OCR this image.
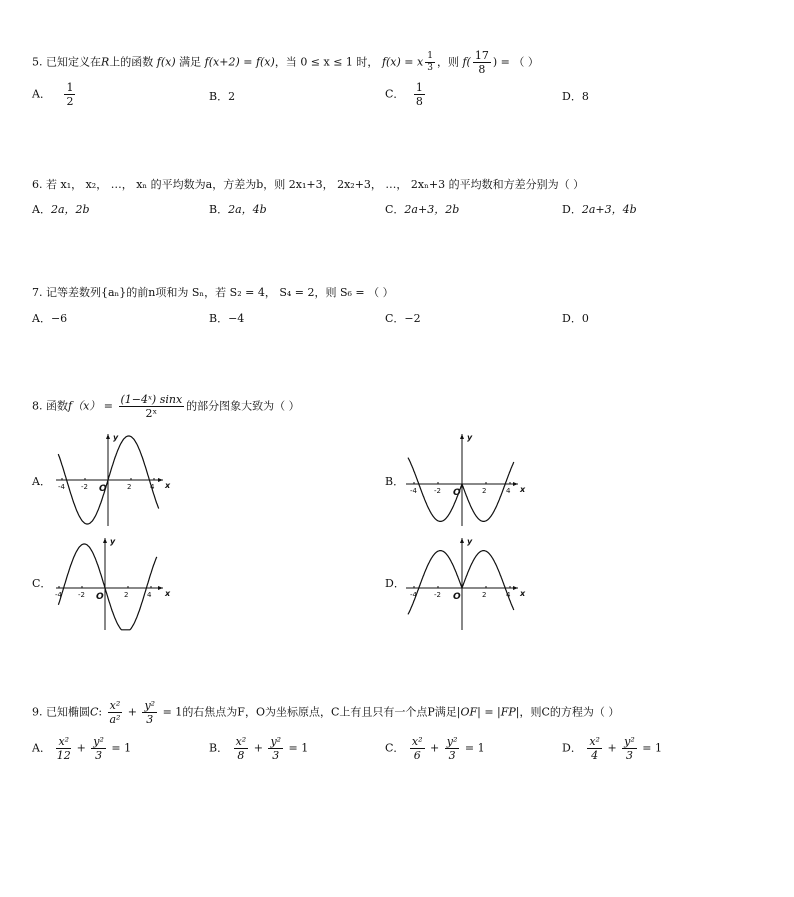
5. 已知定义在R上的函数 f(x) 满足 f(x+2) = f(x)，当 0 ≤ x ≤ 1 时， f(x) = x $\frac{1}{3}$ ，则 $f( \frac{17}{8}$ ) = （ ）
A． $\frac{1}{2}$	B．2	C． $\frac{1}{8}$	D．8
6. 若 x₁， x₂， …， xₙ 的平均数为a，方差为b，则 2x₁+3， 2x₂+3， …， 2xₙ+3 的平均数和方差分别为（ ）
A．2a，2b	B．2a，4b	C．2a+3，2b	D．2a+3，4b
7. 记等差数列{aₙ}的前n项和为 Sₙ，若 S₂ = 4， S₄ = 2，则 S₆ = （ ）
A．−6	B．−4	C．−2	D．0
8. 函数$f(x) = \frac{\text{(1−4ˣ) sinx}}{\text{2ˣ}}$ 的部分图象大致为（ ）
A．	B．
C．	D．
x
y
O
-4 -2	2	4	x
y
O
-4 -2	2	4
x
y
O
-4 -2	2	4	x
y
O
-4 -2	2	4
9. 已知椭圆C: $\frac{\text{x²}}{\text{a²}} + \frac{\text{y²}}{3} = 1$的右焦点为F，O为坐标原点，C上有且只有一个点P满足|OF| = |FP|，则C的方程为（ ）
A． $\frac{\text{x²}}{12} + \frac{\text{y²}}{3} = 1$	B． $\frac{\text{x²}}{8} + \frac{\text{y²}}{3} = 1$	C． $\frac{\text{x²}}{6} + \frac{\text{y²}}{3} = 1$	D． $\frac{\text{x²}}{4} + \frac{\text{y²}}{3} = 1$
